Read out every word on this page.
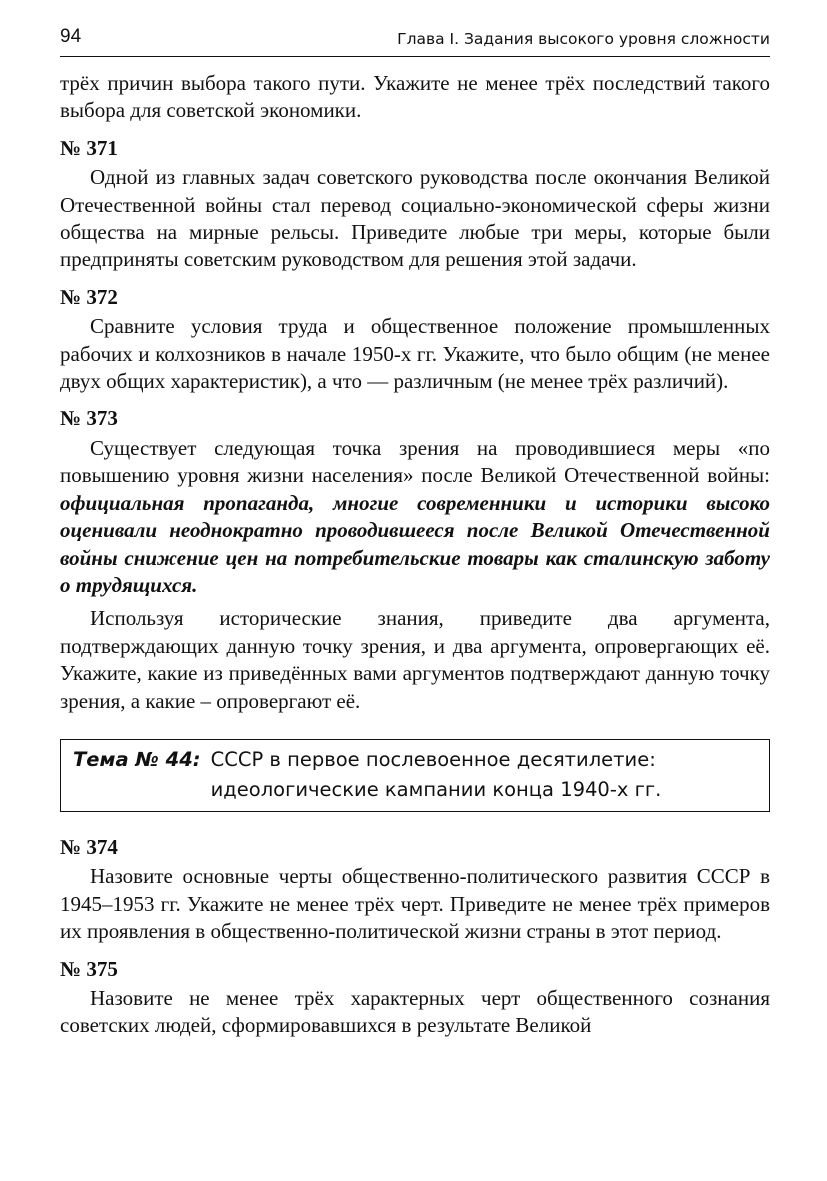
94	Глава I. Задания высокого уровня сложности

трёх причин выбора такого пути. Укажите не менее трёх последствий такого выбора для советской экономики.

№ 371

Одной из главных задач советского руководства после окончания Великой Отечественной войны стал перевод социально-экономической сферы жизни общества на мирные рельсы. Приведите любые три меры, которые были предприняты советским руководством для решения этой задачи.

№ 372

Сравните условия труда и общественное положение промышленных рабочих и колхозников в начале 1950-х гг. Укажите, что было общим (не менее двух общих характеристик), а что — различным (не менее трёх различий).

№ 373

Существует следующая точка зрения на проводившиеся меры «по повышению уровня жизни населения» после Великой Отечественной войны: официальная пропаганда, многие современники и историки высоко оценивали неоднократно проводившееся после Великой Отечественной войны снижение цен на потребительские товары как сталинскую заботу о трудящихся.

Используя исторические знания, приведите два аргумента, подтверждающих данную точку зрения, и два аргумента, опровергающих её. Укажите, какие из приведённых вами аргументов подтверждают данную точку зрения, а какие – опровергают её.

Тема № 44: СССР в первое послевоенное десятилетие:
идеологические кампании конца 1940-х гг.
№ 374

Назовите основные черты общественно-политического развития СССР в 1945–1953 гг. Укажите не менее трёх черт. Приведите не менее трёх примеров их проявления в общественно-политической жизни страны в этот период.

№ 375

Назовите не менее трёх характерных черт общественного сознания советских людей, сформировавшихся в результате Великой
